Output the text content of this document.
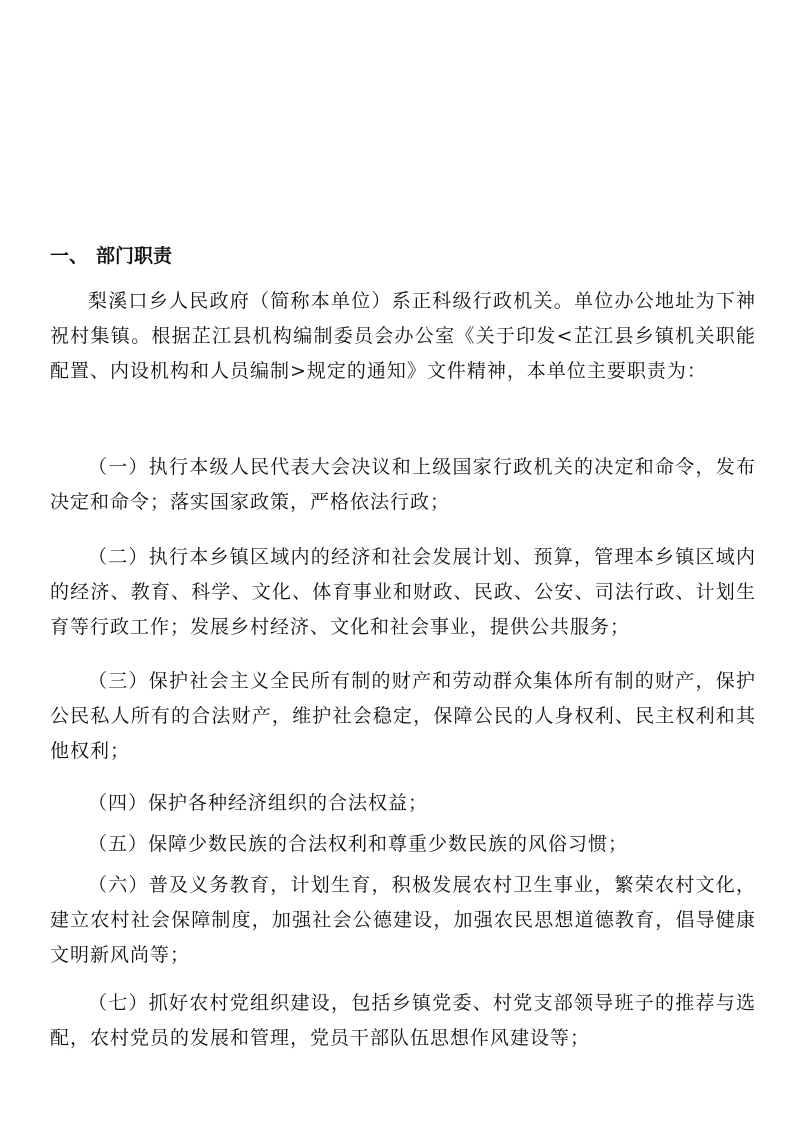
一、 部门职责

梨溪口乡人民政府（简称本单位）系正科级行政机关。单位办公地址为下神祝村集镇。根据芷江县机构编制委员会办公室《关于印发<芷江县乡镇机关职能配置、内设机构和人员编制>规定的通知》文件精神，本单位主要职责为：

（一）执行本级人民代表大会决议和上级国家行政机关的决定和命令，发布决定和命令；落实国家政策，严格依法行政；

（二）执行本乡镇区域内的经济和社会发展计划、预算，管理本乡镇区域内的经济、教育、科学、文化、体育事业和财政、民政、公安、司法行政、计划生育等行政工作；发展乡村经济、文化和社会事业，提供公共服务；

（三）保护社会主义全民所有制的财产和劳动群众集体所有制的财产，保护公民私人所有的合法财产，维护社会稳定，保障公民的人身权利、民主权利和其他权利；

（四）保护各种经济组织的合法权益；

（五）保障少数民族的合法权利和尊重少数民族的风俗习惯；

（六）普及义务教育，计划生育，积极发展农村卫生事业，繁荣农村文化，建立农村社会保障制度，加强社会公德建设，加强农民思想道德教育，倡导健康文明新风尚等；

（七）抓好农村党组织建设，包括乡镇党委、村党支部领导班子的推荐与选配，农村党员的发展和管理，党员干部队伍思想作风建设等；
